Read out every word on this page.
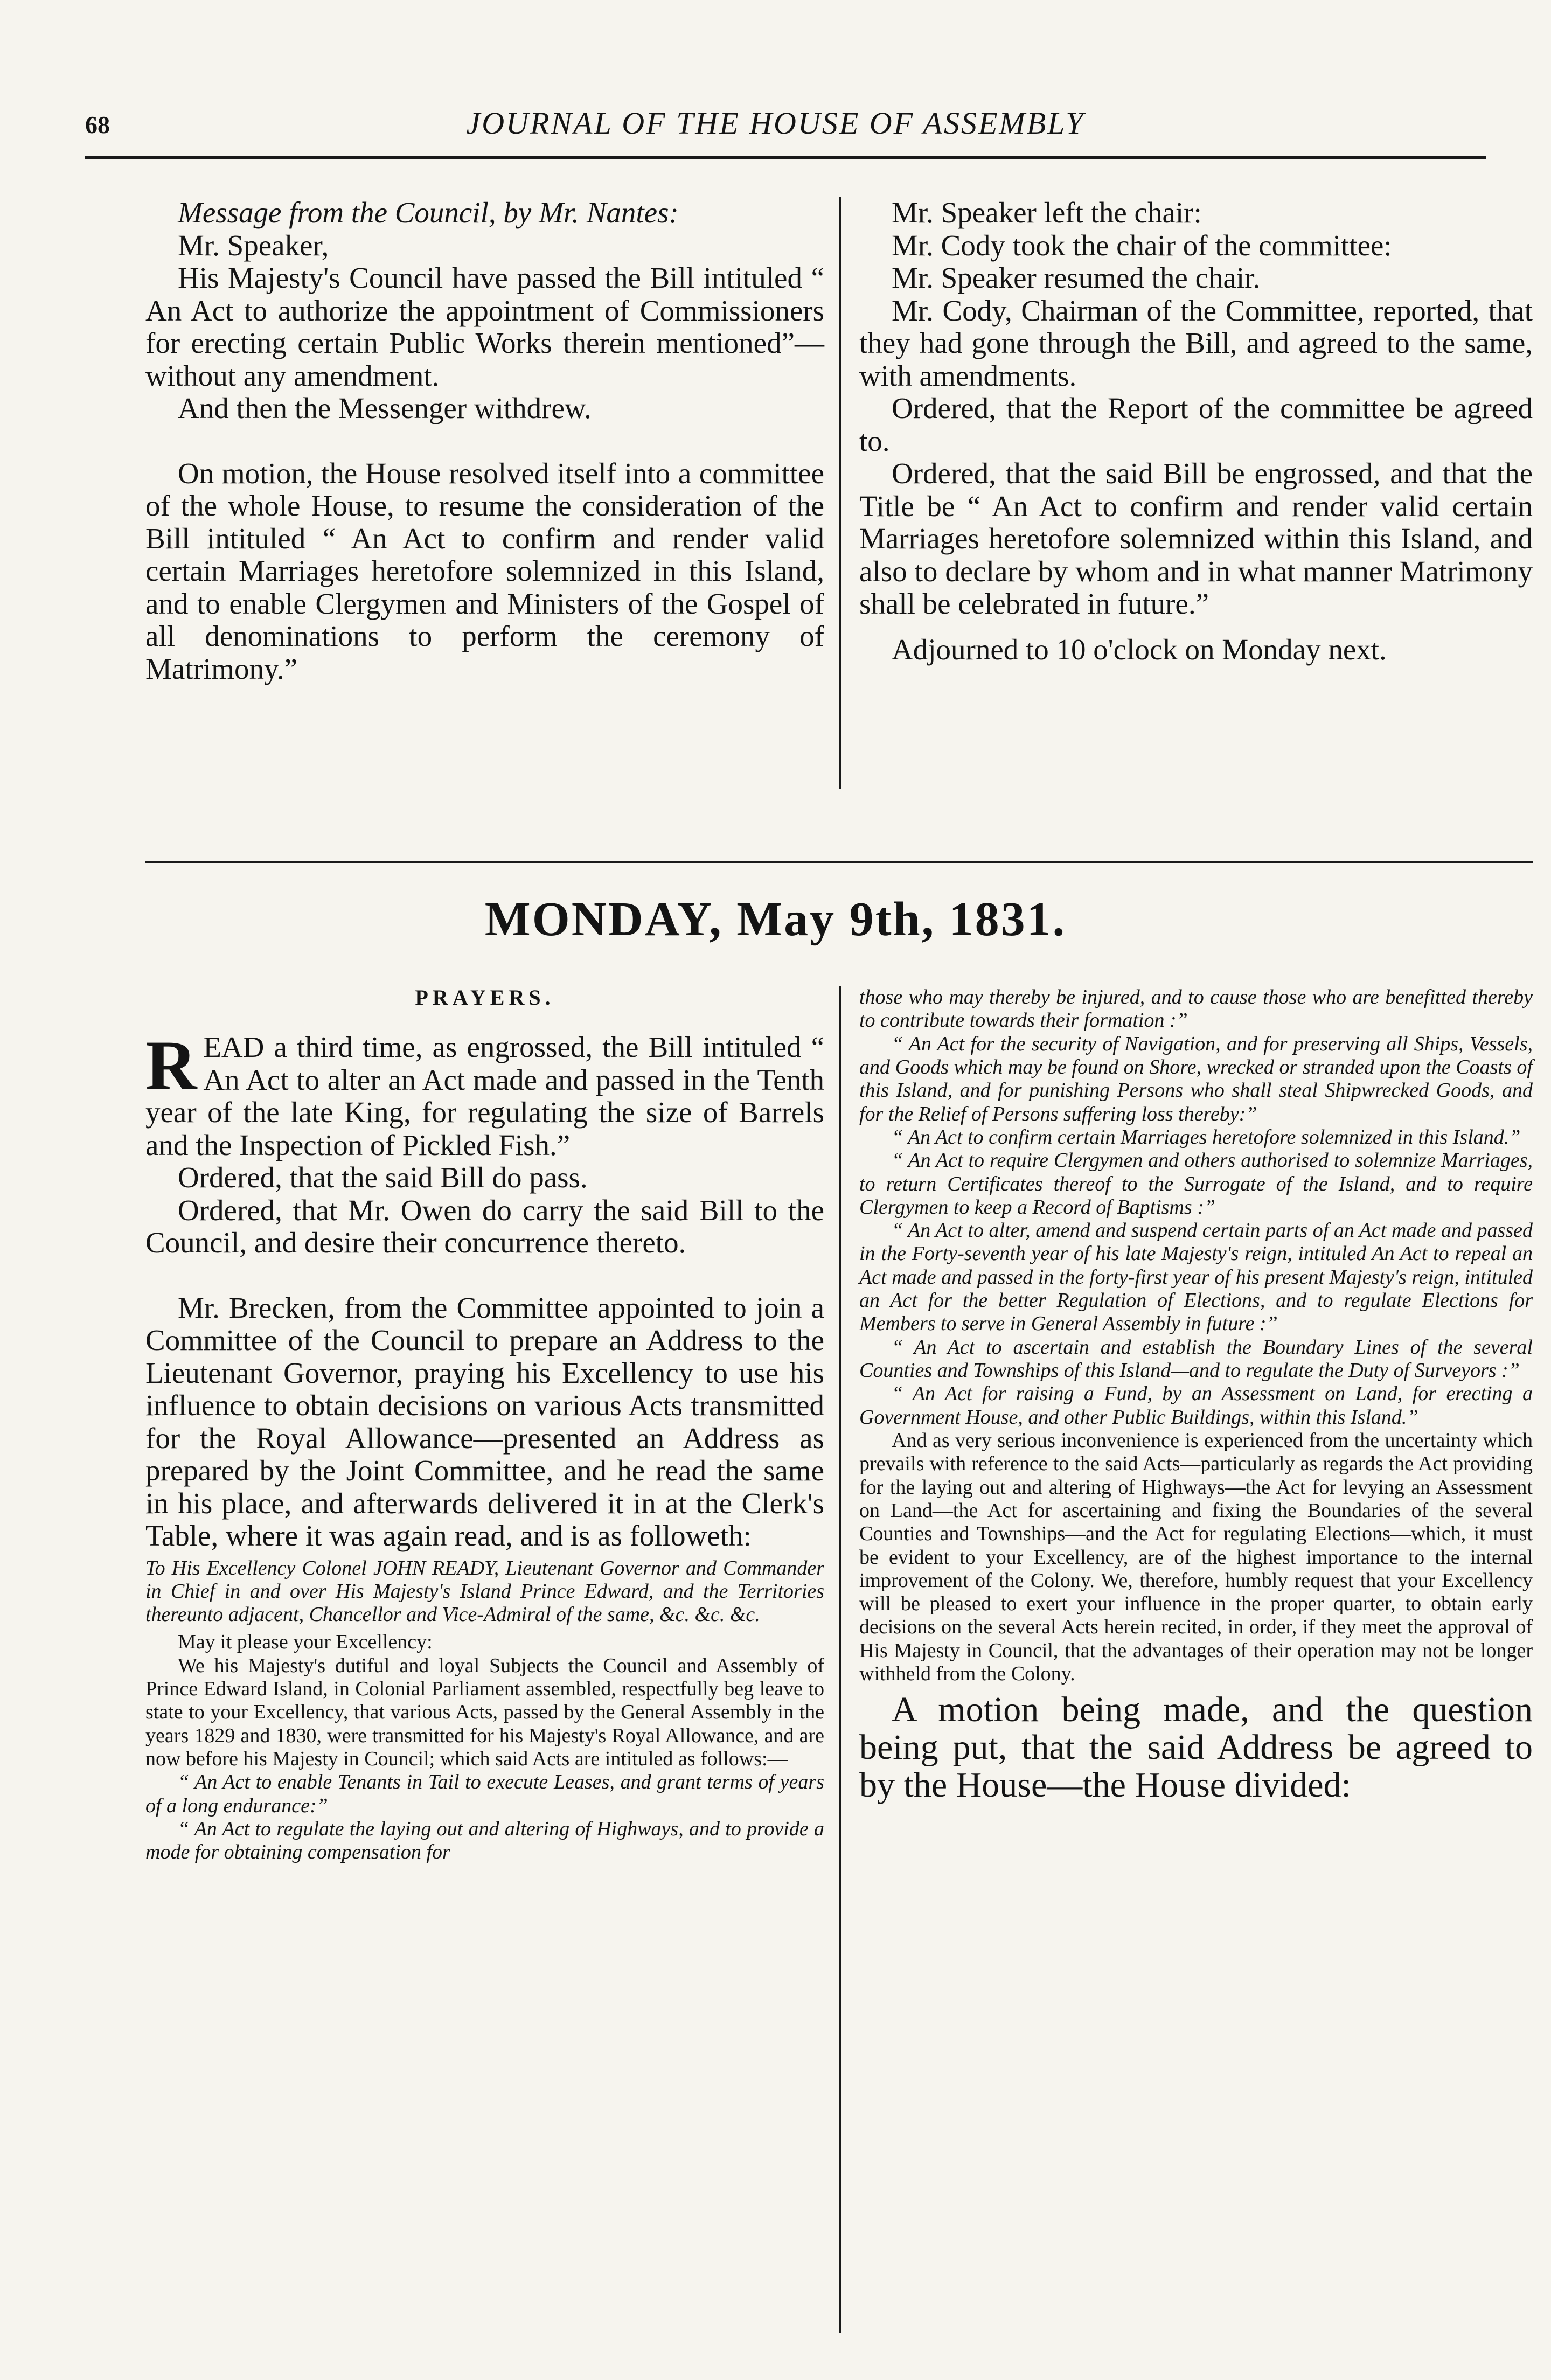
68	JOURNAL OF THE HOUSE OF ASSEMBLY

Message from the Council, by Mr. Nantes:

Mr. Speaker,

His Majesty's Council have passed the Bill intituled “ An Act to authorize the appointment of Commissioners for erecting certain Public Works therein mentioned”—without any amendment.

And then the Messenger withdrew.

On motion, the House resolved itself into a committee of the whole House, to resume the consideration of the Bill intituled “ An Act to confirm and render valid certain Marriages heretofore solemnized in this Island, and to enable Clergymen and Ministers of the Gospel of all denominations to perform the ceremony of Matrimony.”

Mr. Speaker left the chair:

Mr. Cody took the chair of the committee:

Mr. Speaker resumed the chair.

Mr. Cody, Chairman of the Committee, reported, that they had gone through the Bill, and agreed to the same, with amendments.

Ordered, that the Report of the committee be agreed to.

Ordered, that the said Bill be engrossed, and that the Title be “ An Act to confirm and render valid certain Marriages heretofore solemnized within this Island, and also to declare by whom and in what manner Matrimony shall be celebrated in future.”

Adjourned to 10 o'clock on Monday next.

MONDAY, May 9th, 1831.
PRAYERS.

READ a third time, as engrossed, the Bill intituled “ An Act to alter an Act made and passed in the Tenth year of the late King, for regulating the size of Barrels and the Inspection of Pickled Fish.”

Ordered, that the said Bill do pass.

Ordered, that Mr. Owen do carry the said Bill to the Council, and desire their concurrence thereto.

Mr. Brecken, from the Committee appointed to join a Committee of the Council to prepare an Address to the Lieutenant Governor, praying his Excellency to use his influence to obtain decisions on various Acts transmitted for the Royal Allowance—presented an Address as prepared by the Joint Committee, and he read the same in his place, and afterwards delivered it in at the Clerk's Table, where it was again read, and is as followeth:

To His Excellency Colonel JOHN READY, Lieutenant Governor and Commander in Chief in and over His Majesty's Island Prince Edward, and the Territories thereunto adjacent, Chancellor and Vice-Admiral of the same, &c. &c. &c.

May it please your Excellency:

We his Majesty's dutiful and loyal Subjects the Council and Assembly of Prince Edward Island, in Colonial Parliament assembled, respectfully beg leave to state to your Excellency, that various Acts, passed by the General Assembly in the years 1829 and 1830, were transmitted for his Majesty's Royal Allowance, and are now before his Majesty in Council; which said Acts are intituled as follows:—

“ An Act to enable Tenants in Tail to execute Leases, and grant terms of years of a long endurance:”

“ An Act to regulate the laying out and altering of Highways, and to provide a mode for obtaining compensation for

those who may thereby be injured, and to cause those who are benefitted thereby to contribute towards their formation :”

“ An Act for the security of Navigation, and for preserving all Ships, Vessels, and Goods which may be found on Shore, wrecked or stranded upon the Coasts of this Island, and for punishing Persons who shall steal Shipwrecked Goods, and for the Relief of Persons suffering loss thereby:”

“ An Act to confirm certain Marriages heretofore solemnized in this Island.”

“ An Act to require Clergymen and others authorised to solemnize Marriages, to return Certificates thereof to the Surrogate of the Island, and to require Clergymen to keep a Record of Baptisms :”

“ An Act to alter, amend and suspend certain parts of an Act made and passed in the Forty-seventh year of his late Majesty's reign, intituled An Act to repeal an Act made and passed in the forty-first year of his present Majesty's reign, intituled an Act for the better Regulation of Elections, and to regulate Elections for Members to serve in General Assembly in future :”

“ An Act to ascertain and establish the Boundary Lines of the several Counties and Townships of this Island—and to regulate the Duty of Surveyors :”

“ An Act for raising a Fund, by an Assessment on Land, for erecting a Government House, and other Public Buildings, within this Island.”

And as very serious inconvenience is experienced from the uncertainty which prevails with reference to the said Acts—particularly as regards the Act providing for the laying out and altering of Highways—the Act for levying an Assessment on Land—the Act for ascertaining and fixing the Boundaries of the several Counties and Townships—and the Act for regulating Elections—which, it must be evident to your Excellency, are of the highest importance to the internal improvement of the Colony. We, therefore, humbly request that your Excellency will be pleased to exert your influence in the proper quarter, to obtain early decisions on the several Acts herein recited, in order, if they meet the approval of His Majesty in Council, that the advantages of their operation may not be longer withheld from the Colony.

A motion being made, and the question being put, that the said Address be agreed to by the House—the House divided:
